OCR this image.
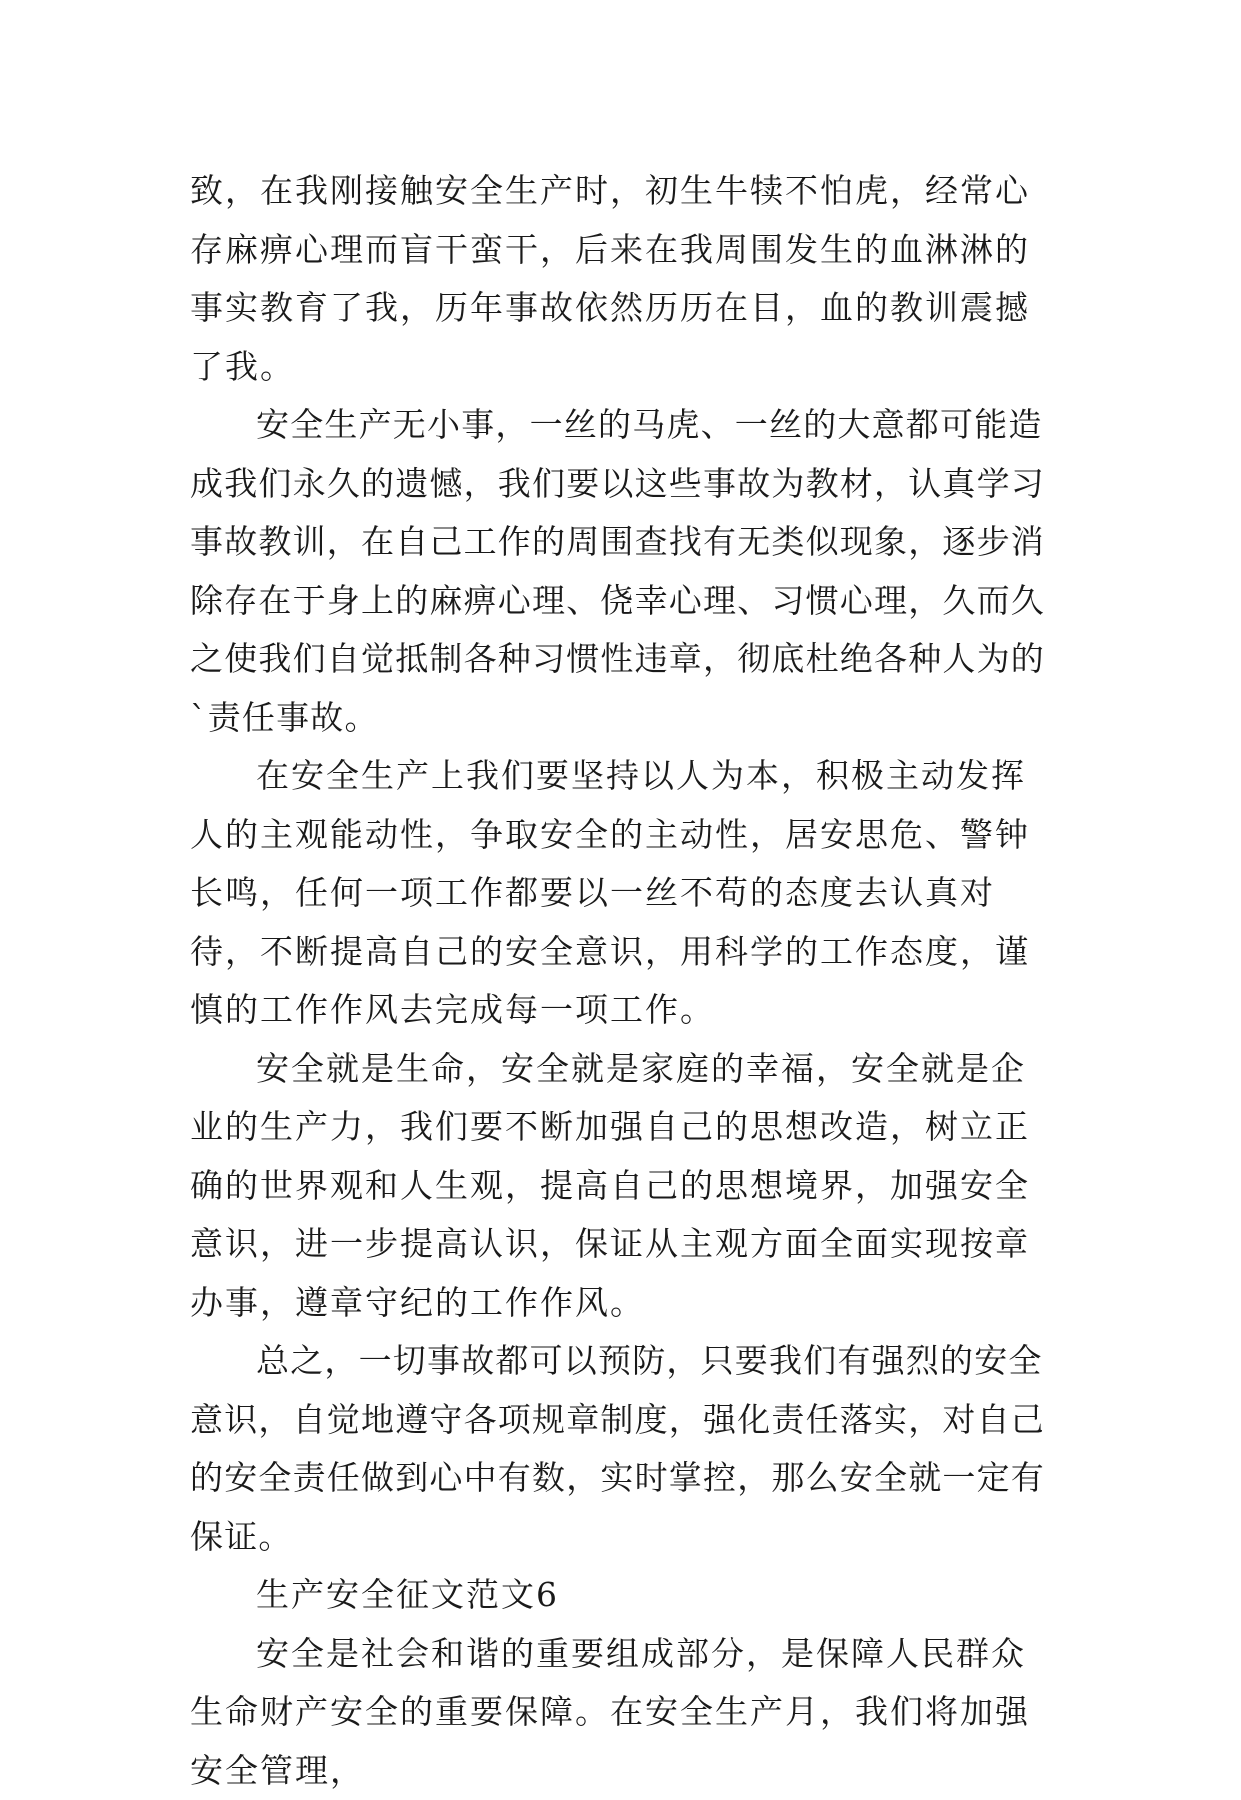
致，在我刚接触安全生产时，初生牛犊不怕虎，经常心存麻痹心理而盲干蛮干，后来在我周围发生的血淋淋的事实教育了我，历年事故依然历历在目，血的教训震撼了我。

安全生产无小事，一丝的马虎、一丝的大意都可能造成我们永久的遗憾，我们要以这些事故为教材，认真学习事故教训，在自己工作的周围查找有无类似现象，逐步消除存在于身上的麻痹心理、侥幸心理、习惯心理，久而久之使我们自觉抵制各种习惯性违章，彻底杜绝各种人为的`责任事故。

在安全生产上我们要坚持以人为本，积极主动发挥人的主观能动性，争取安全的主动性，居安思危、警钟长鸣，任何一项工作都要以一丝不苟的态度去认真对待，不断提高自己的安全意识，用科学的工作态度，谨慎的工作作风去完成每一项工作。

安全就是生命，安全就是家庭的幸福，安全就是企业的生产力，我们要不断加强自己的思想改造，树立正确的世界观和人生观，提高自己的思想境界，加强安全意识，进一步提高认识，保证从主观方面全面实现按章办事，遵章守纪的工作作风。

总之，一切事故都可以预防，只要我们有强烈的安全意识，自觉地遵守各项规章制度，强化责任落实，对自己的安全责任做到心中有数，实时掌控，那么安全就一定有保证。

生产安全征文范文6

安全是社会和谐的重要组成部分，是保障人民群众生命财产安全的重要保障。在安全生产月，我们将加强安全管理，
